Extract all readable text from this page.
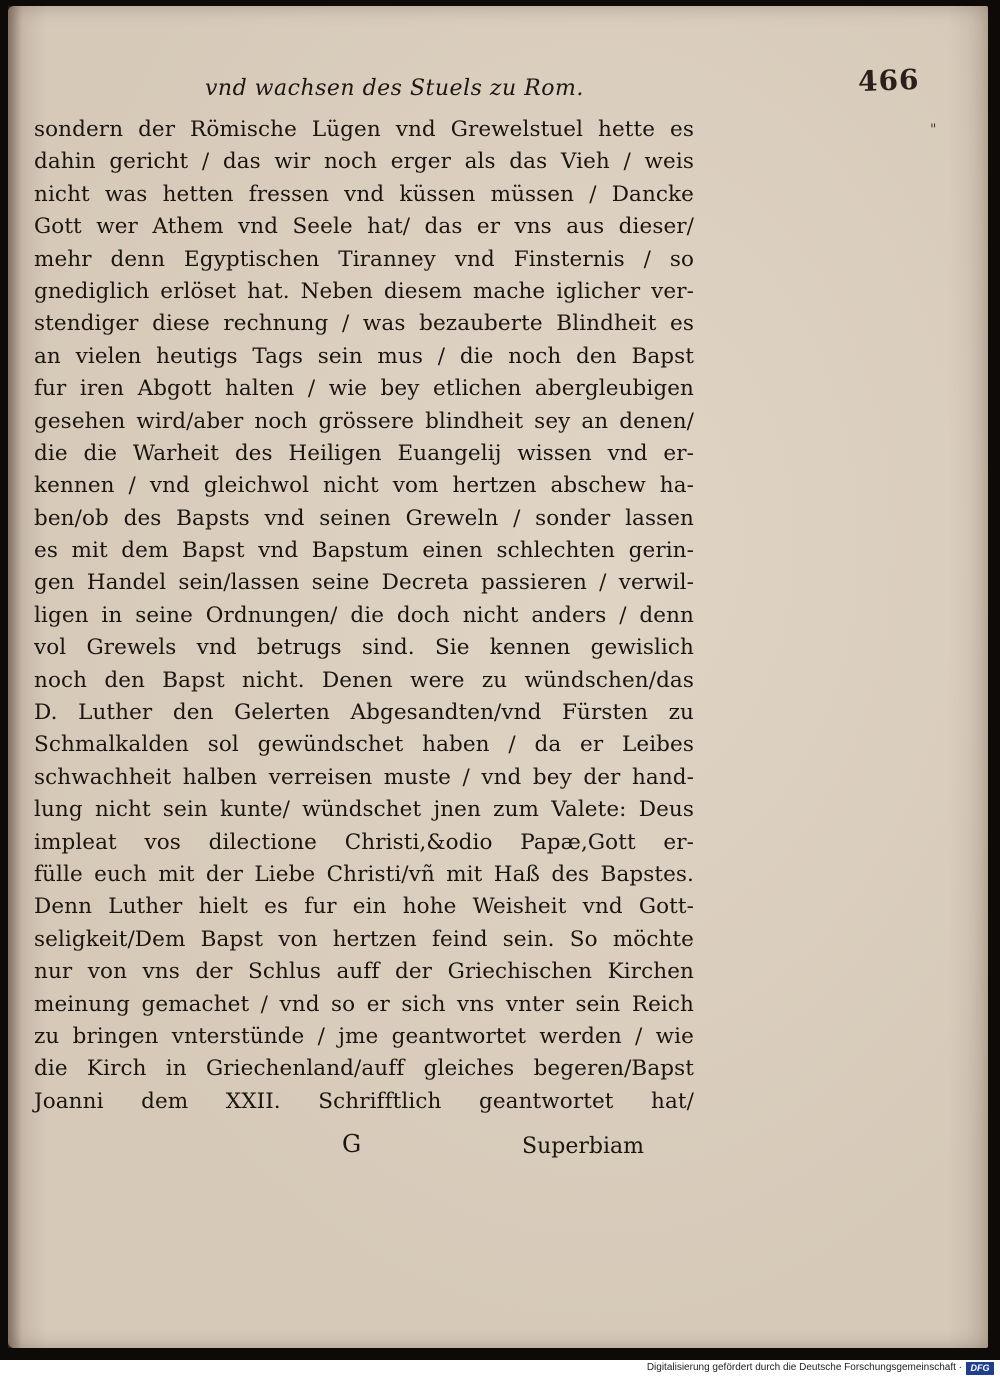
vnd wachsen des Stuels zu Rom.	466
"
sondern der Römische Lügen vnd Grewelstuel hette es
dahin gericht / das wir noch erger als das Vieh / weis
nicht was hetten fressen vnd küssen müssen / Dancke
Gott wer Athem vnd Seele hat/ das er vns aus dieser/
mehr denn Egyptischen Tiranney vnd Finsternis / so
gnediglich erlöset hat. Neben diesem mache iglicher ver-
stendiger diese rechnung / was bezauberte Blindheit es
an vielen heutigs Tags sein mus / die noch den Bapst
fur iren Abgott halten / wie bey etlichen abergleubigen
gesehen wird/aber noch grössere blindheit sey an denen/
die die Warheit des Heiligen Euangelij wissen vnd er-
kennen / vnd gleichwol nicht vom hertzen abschew ha-
ben/ob des Bapsts vnd seinen Greweln / sonder lassen
es mit dem Bapst vnd Bapstum einen schlechten gerin-
gen Handel sein/lassen seine Decreta passieren / verwil-
ligen in seine Ordnungen/ die doch nicht anders / denn
vol Grewels vnd betrugs sind. Sie kennen gewislich
noch den Bapst nicht. Denen were zu wündschen/das
D. Luther den Gelerten Abgesandten/vnd Fürsten zu
Schmalkalden sol gewündschet haben / da er Leibes
schwachheit halben verreisen muste / vnd bey der hand-
lung nicht sein kunte/ wündschet jnen zum Valete: Deus
impleat vos dilectione Christi,&odio Papæ,Gott er-
fülle euch mit der Liebe Christi/vñ mit Haß des Bapstes.
Denn Luther hielt es fur ein hohe Weisheit vnd Gott-
seligkeit/Dem Bapst von hertzen feind sein. So möchte
nur von vns der Schlus auff der Griechischen Kirchen
meinung gemachet / vnd so er sich vns vnter sein Reich
zu bringen vnterstünde / jme geantwortet werden / wie
die Kirch in Griechenland/auff gleiches begeren/Bapst
Joanni dem XXII. Schrifftlich geantwortet hat/
G	Superbiam
Digitalisierung gefördert durch die Deutsche Forschungsgemeinschaft · DFG
